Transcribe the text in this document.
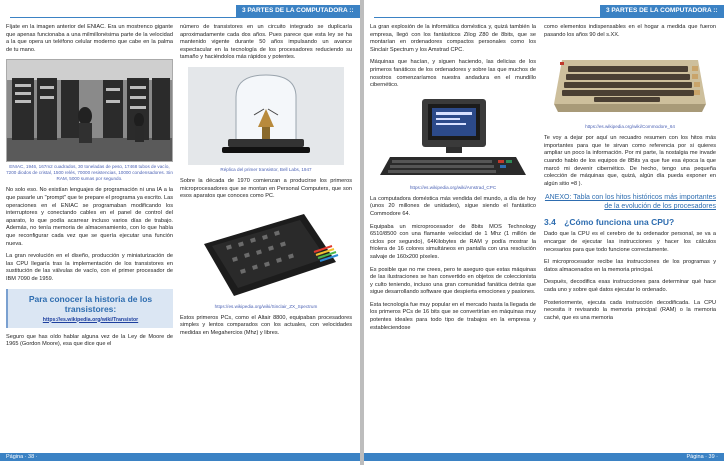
3 PARTES DE LA COMPUTADORA ::

Fíjate en la imagen anterior del ENIAC. Era un mostrenco gigante que apenas funcionaba a una milmillonésima parte de la velocidad a la que opera un teléfono celular moderno que cabe en la palma de tu mano.

ENIAC, 1946, 167m2 cuadrados, 30 toneladas de peso, 17468 tubos de vacío, 7200 diodos de cristal, 1500 relés, 70000 resistencias, 10000 condensadores. Sin RAM, 5000 sumas por segundo.

No solo eso. No existían lenguajes de programación ni una IA a la que pasarle un "prompt" que te prepare el programa ya escrito. Las operaciones en el ENIAC se programaban modificando los interruptores y conectando cables en el panel de control del aparato, lo que podía acarrear incluso varios días de trabajo. Además, no tenía memoria de almacenamiento, con lo que había que reconfigurar cada vez que se quería ejecutar una función nueva.

La gran revolución en el diseño, producción y miniaturización de las CPU llegaría tras la implementación de los transistores en sustitución de las válvulas de vacío, con el primer procesador de IBM 7090 de 1959.

Para conocer la historia de los transistores:
https://es.wikipedia.org/wiki/Transistor

Seguro que has oído hablar alguna vez de la Ley de Moore de 1965 (Gordon Moore), esa que dice que el

número de transistores en un circuito integrado se duplicaría aproximadamente cada dos años. Pues parece que esta ley se ha mantenido vigente durante 50 años impulsando un avance espectacular en la tecnología de los procesadores reduciendo su tamaño y haciéndolos más rápidos y potentes.

Réplica del primer transistor, Bell Labs, 1947

Sobre la década de 1970 comienzan a producirse los primeros microprocesadores que se montan en Personal Computers, que son esos aparatos que conoces como PC.

https://es.wikipedia.org/wiki/Sinclair_ZX_Spectrum

Estos primeros PCs, como el Altair 8800, equipaban procesadores simples y lentos comparados con los actuales, con velocidades medidas en Megahercios (Mhz) y libres.

Página · 38 ·
3 PARTES DE LA COMPUTADORA ::

La gran explosión de la informática doméstica y, quizá también la empresa, llegó con los fantásticos Zilog Z80 de 8bits, que se montarían en ordenadores compactos personales como los Sinclair Spectrum y los Amstrad CPC.

Máquinas que hacían, y siguen haciendo, las delicias de los primeros fanáticos de los ordenadores y sobre las que muchos de nosotros comenzaríamos nuestra andadura en el mundillo cibernético.

https://es.wikipedia.org/wiki/Amstrad_CPC

La computadora doméstica más vendida del mundo, a día de hoy (unos 20 millones de unidades), sigue siendo el fantástico Commodore 64.

Equipaba un microprocesador de 8bits MOS Technology 6510/8500 con una flamante velocidad de 1 Mhz (1 millón de ciclos por segundo), 64Kilobytes de RAM y podía mostrar la friolera de 16 colores simultáneos en pantalla con una resolución salvaje de 160x200 píxeles.

Es posible que no me crees, pero te aseguro que estas máquinas de las ilustraciones se han convertido en objetos de coleccionista y culto teniendo, incluso una gran comunidad fanática detrás que sigue desarrollando software que despierta emociones y pasiones.

Esta tecnología fue muy popular en el mercado hasta la llegada de los primeros PCs de 16 bits que se convertirían en máquinas muy potentes ideales para todo tipo de trabajos en la empresa y estableciendose

como elementos indispensables en el hogar a medida que fueron pasando los años 90 del s.XX.

https://es.wikipedia.org/wiki/Commodore_64

Te voy a dejar por aquí un recuadro resumen con los hitos más importantes para que te sirvan como referencia por si quieres ampliar un poco la información. Por mi parte, la nostalgia me invade cuando hablo de los equipos de 8Bits ya que fue esa época la que marcó mi devenir cibernético. De hecho, tengo una pequeña colección de máquinas que, quizá, algún día pueda exponer en algún sitio =8 ).

ANEXO: Tabla con los hitos históricos más importantes de la evolución de los procesadores
3.4 ¿Cómo funciona una CPU?

Dado que la CPU es el cerebro de tu ordenador personal, se va a encargar de ejecutar las instrucciones y hacer los cálculos necesarios para que todo funcione correctamente.

El microprocesador recibe las instrucciones de los programas y datos almacenados en la memoria principal.

Después, decodifica esas instrucciones para determinar qué hace cada uno y sobre qué datos ejecutar lo ordenado.

Posteriormente, ejecuta cada instrucción decodificada. La CPU necesita ir revisando la memoria principal (RAM) o la memoria caché, que es una memoria

Página · 39 ·
